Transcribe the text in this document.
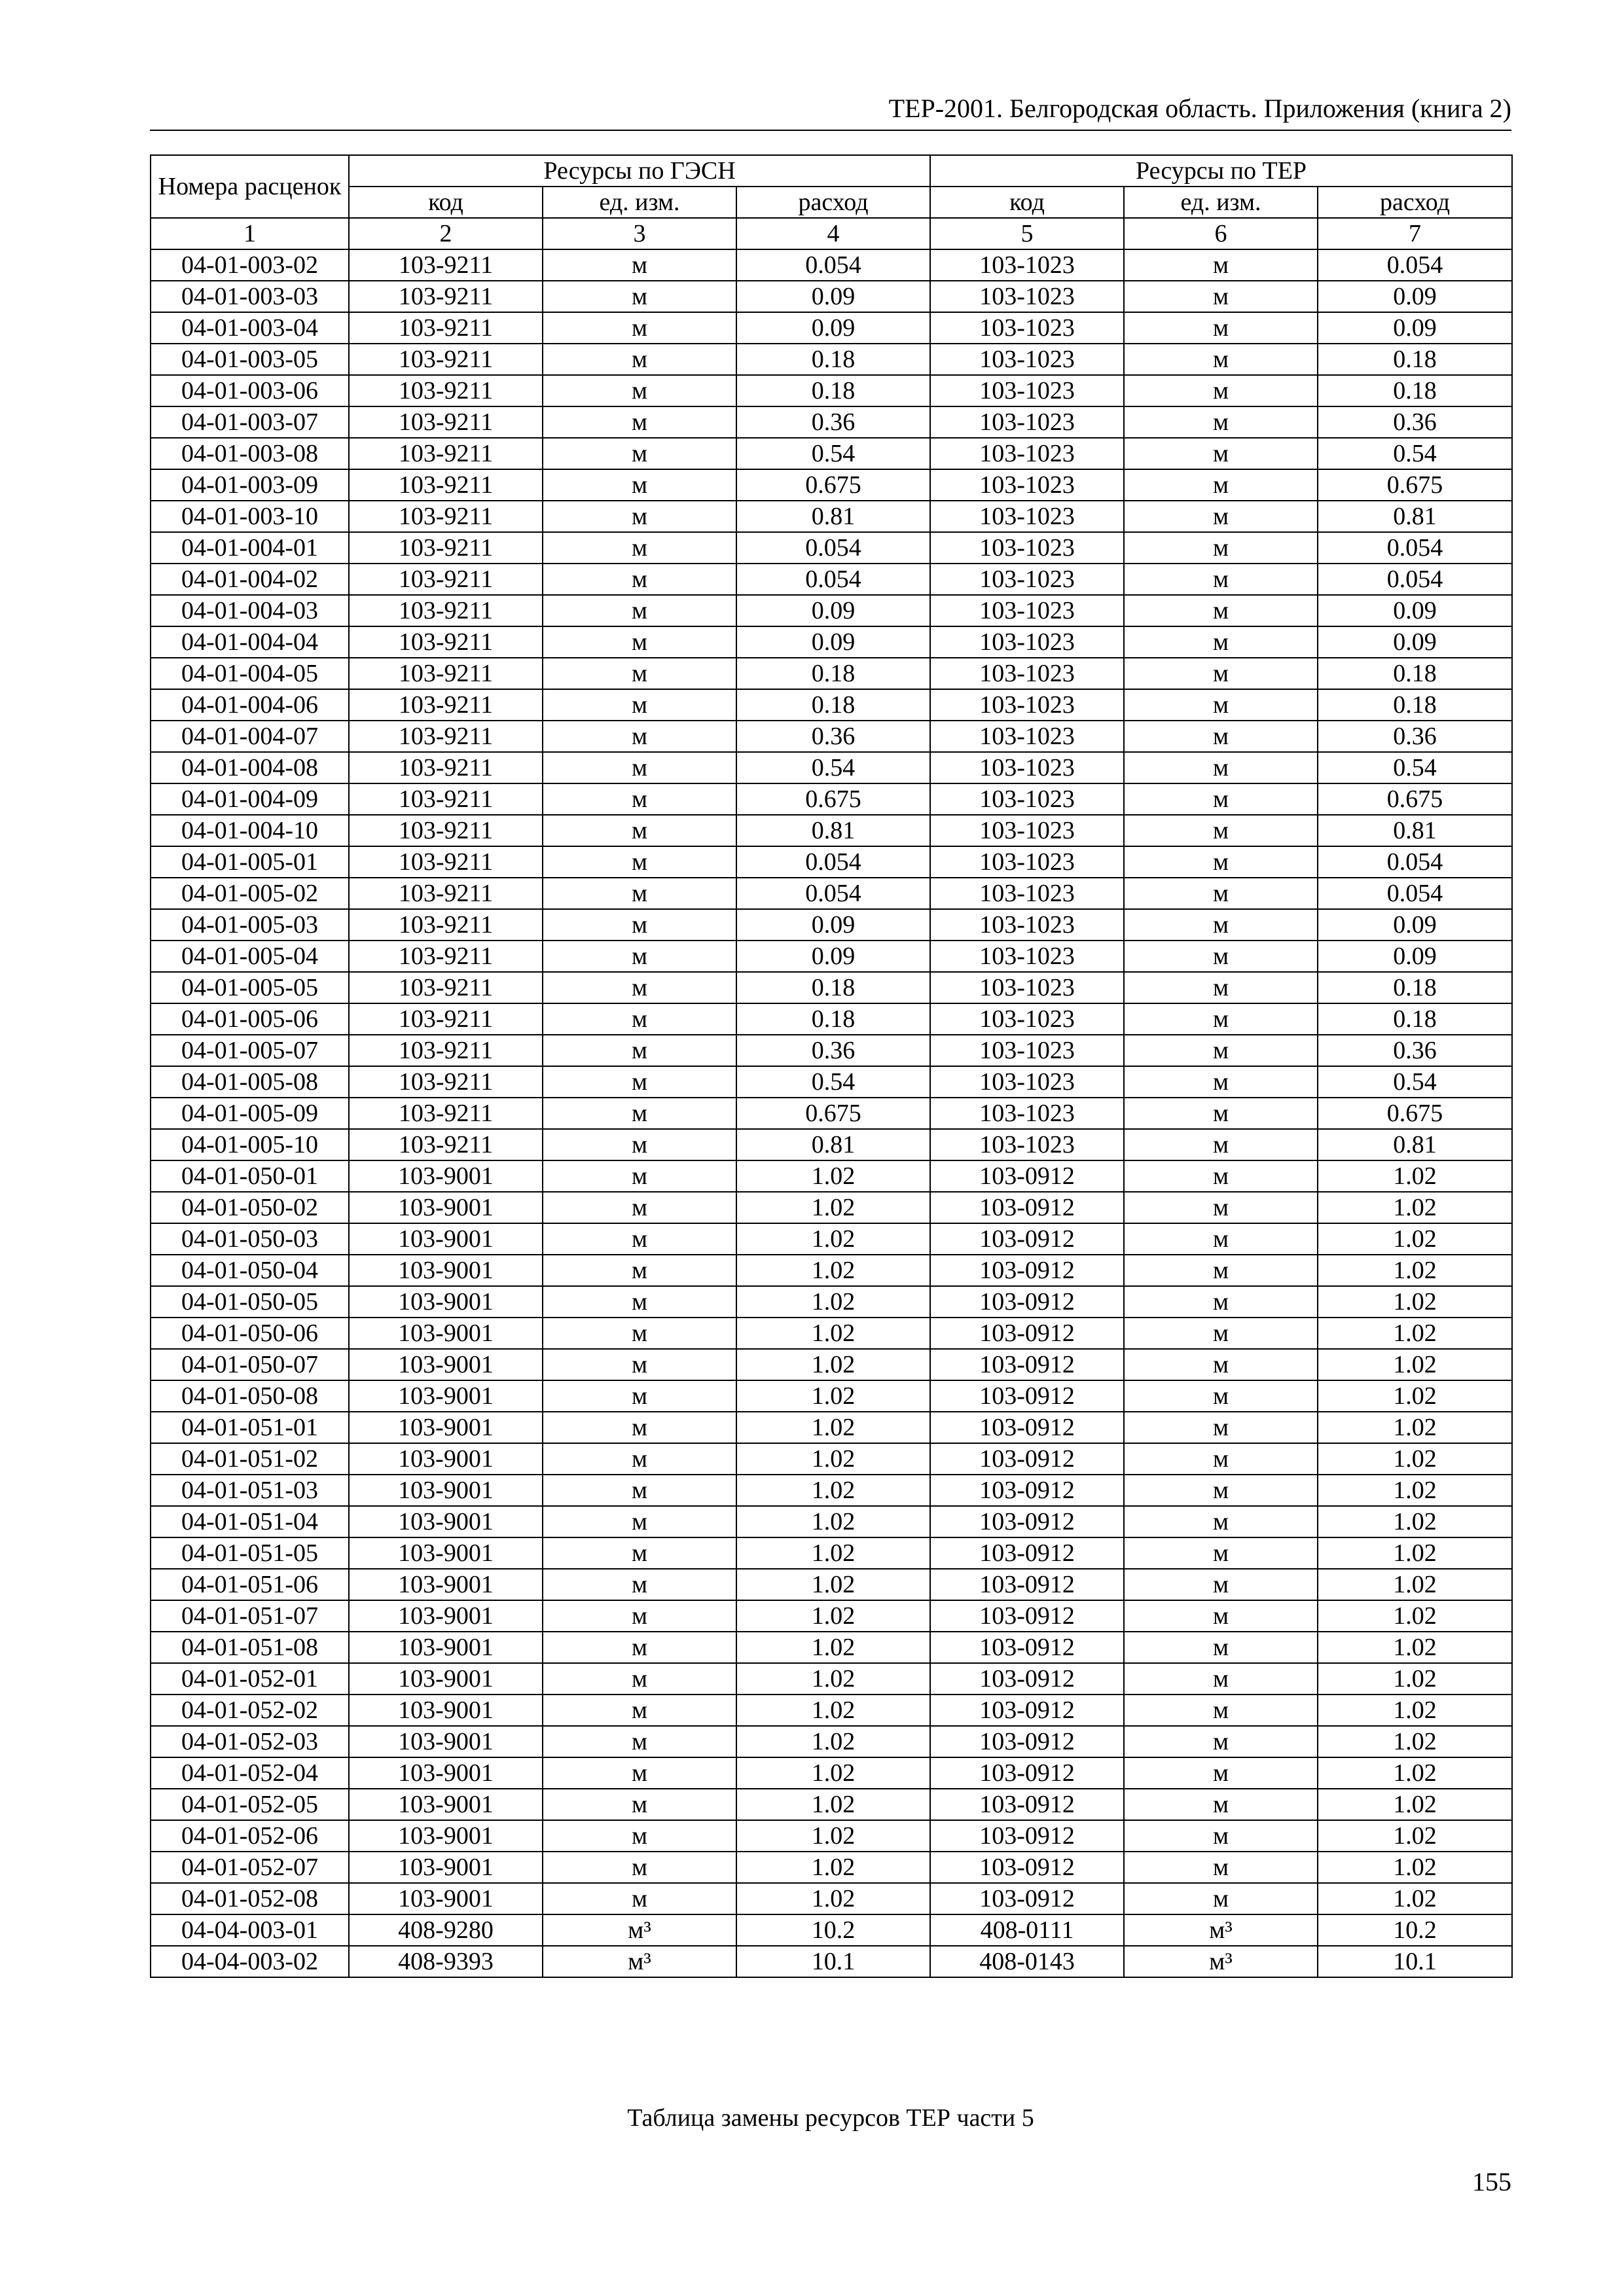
ТЕР-2001. Белгородская область. Приложения (книга 2)
Номера расценок	Ресурсы по ГЭСН			Ресурсы по ТЕР		
	код	ед. изм.	расход	код	ед. изм.	расход
1	2	3	4	5	6	7
04-01-003-02	103-9211	м	0.054	103-1023	м	0.054
04-01-003-03	103-9211	м	0.09	103-1023	м	0.09
04-01-003-04	103-9211	м	0.09	103-1023	м	0.09
04-01-003-05	103-9211	м	0.18	103-1023	м	0.18
04-01-003-06	103-9211	м	0.18	103-1023	м	0.18
04-01-003-07	103-9211	м	0.36	103-1023	м	0.36
04-01-003-08	103-9211	м	0.54	103-1023	м	0.54
04-01-003-09	103-9211	м	0.675	103-1023	м	0.675
04-01-003-10	103-9211	м	0.81	103-1023	м	0.81
04-01-004-01	103-9211	м	0.054	103-1023	м	0.054
04-01-004-02	103-9211	м	0.054	103-1023	м	0.054
04-01-004-03	103-9211	м	0.09	103-1023	м	0.09
04-01-004-04	103-9211	м	0.09	103-1023	м	0.09
04-01-004-05	103-9211	м	0.18	103-1023	м	0.18
04-01-004-06	103-9211	м	0.18	103-1023	м	0.18
04-01-004-07	103-9211	м	0.36	103-1023	м	0.36
04-01-004-08	103-9211	м	0.54	103-1023	м	0.54
04-01-004-09	103-9211	м	0.675	103-1023	м	0.675
04-01-004-10	103-9211	м	0.81	103-1023	м	0.81
04-01-005-01	103-9211	м	0.054	103-1023	м	0.054
04-01-005-02	103-9211	м	0.054	103-1023	м	0.054
04-01-005-03	103-9211	м	0.09	103-1023	м	0.09
04-01-005-04	103-9211	м	0.09	103-1023	м	0.09
04-01-005-05	103-9211	м	0.18	103-1023	м	0.18
04-01-005-06	103-9211	м	0.18	103-1023	м	0.18
04-01-005-07	103-9211	м	0.36	103-1023	м	0.36
04-01-005-08	103-9211	м	0.54	103-1023	м	0.54
04-01-005-09	103-9211	м	0.675	103-1023	м	0.675
04-01-005-10	103-9211	м	0.81	103-1023	м	0.81
04-01-050-01	103-9001	м	1.02	103-0912	м	1.02
04-01-050-02	103-9001	м	1.02	103-0912	м	1.02
04-01-050-03	103-9001	м	1.02	103-0912	м	1.02
04-01-050-04	103-9001	м	1.02	103-0912	м	1.02
04-01-050-05	103-9001	м	1.02	103-0912	м	1.02
04-01-050-06	103-9001	м	1.02	103-0912	м	1.02
04-01-050-07	103-9001	м	1.02	103-0912	м	1.02
04-01-050-08	103-9001	м	1.02	103-0912	м	1.02
04-01-051-01	103-9001	м	1.02	103-0912	м	1.02
04-01-051-02	103-9001	м	1.02	103-0912	м	1.02
04-01-051-03	103-9001	м	1.02	103-0912	м	1.02
04-01-051-04	103-9001	м	1.02	103-0912	м	1.02
04-01-051-05	103-9001	м	1.02	103-0912	м	1.02
04-01-051-06	103-9001	м	1.02	103-0912	м	1.02
04-01-051-07	103-9001	м	1.02	103-0912	м	1.02
04-01-051-08	103-9001	м	1.02	103-0912	м	1.02
04-01-052-01	103-9001	м	1.02	103-0912	м	1.02
04-01-052-02	103-9001	м	1.02	103-0912	м	1.02
04-01-052-03	103-9001	м	1.02	103-0912	м	1.02
04-01-052-04	103-9001	м	1.02	103-0912	м	1.02
04-01-052-05	103-9001	м	1.02	103-0912	м	1.02
04-01-052-06	103-9001	м	1.02	103-0912	м	1.02
04-01-052-07	103-9001	м	1.02	103-0912	м	1.02
04-01-052-08	103-9001	м	1.02	103-0912	м	1.02
04-04-003-01	408-9280	м³	10.2	408-0111	м³	10.2
04-04-003-02	408-9393	м³	10.1	408-0143	м³	10.1
Таблица замены ресурсов ТЕР части 5
155
